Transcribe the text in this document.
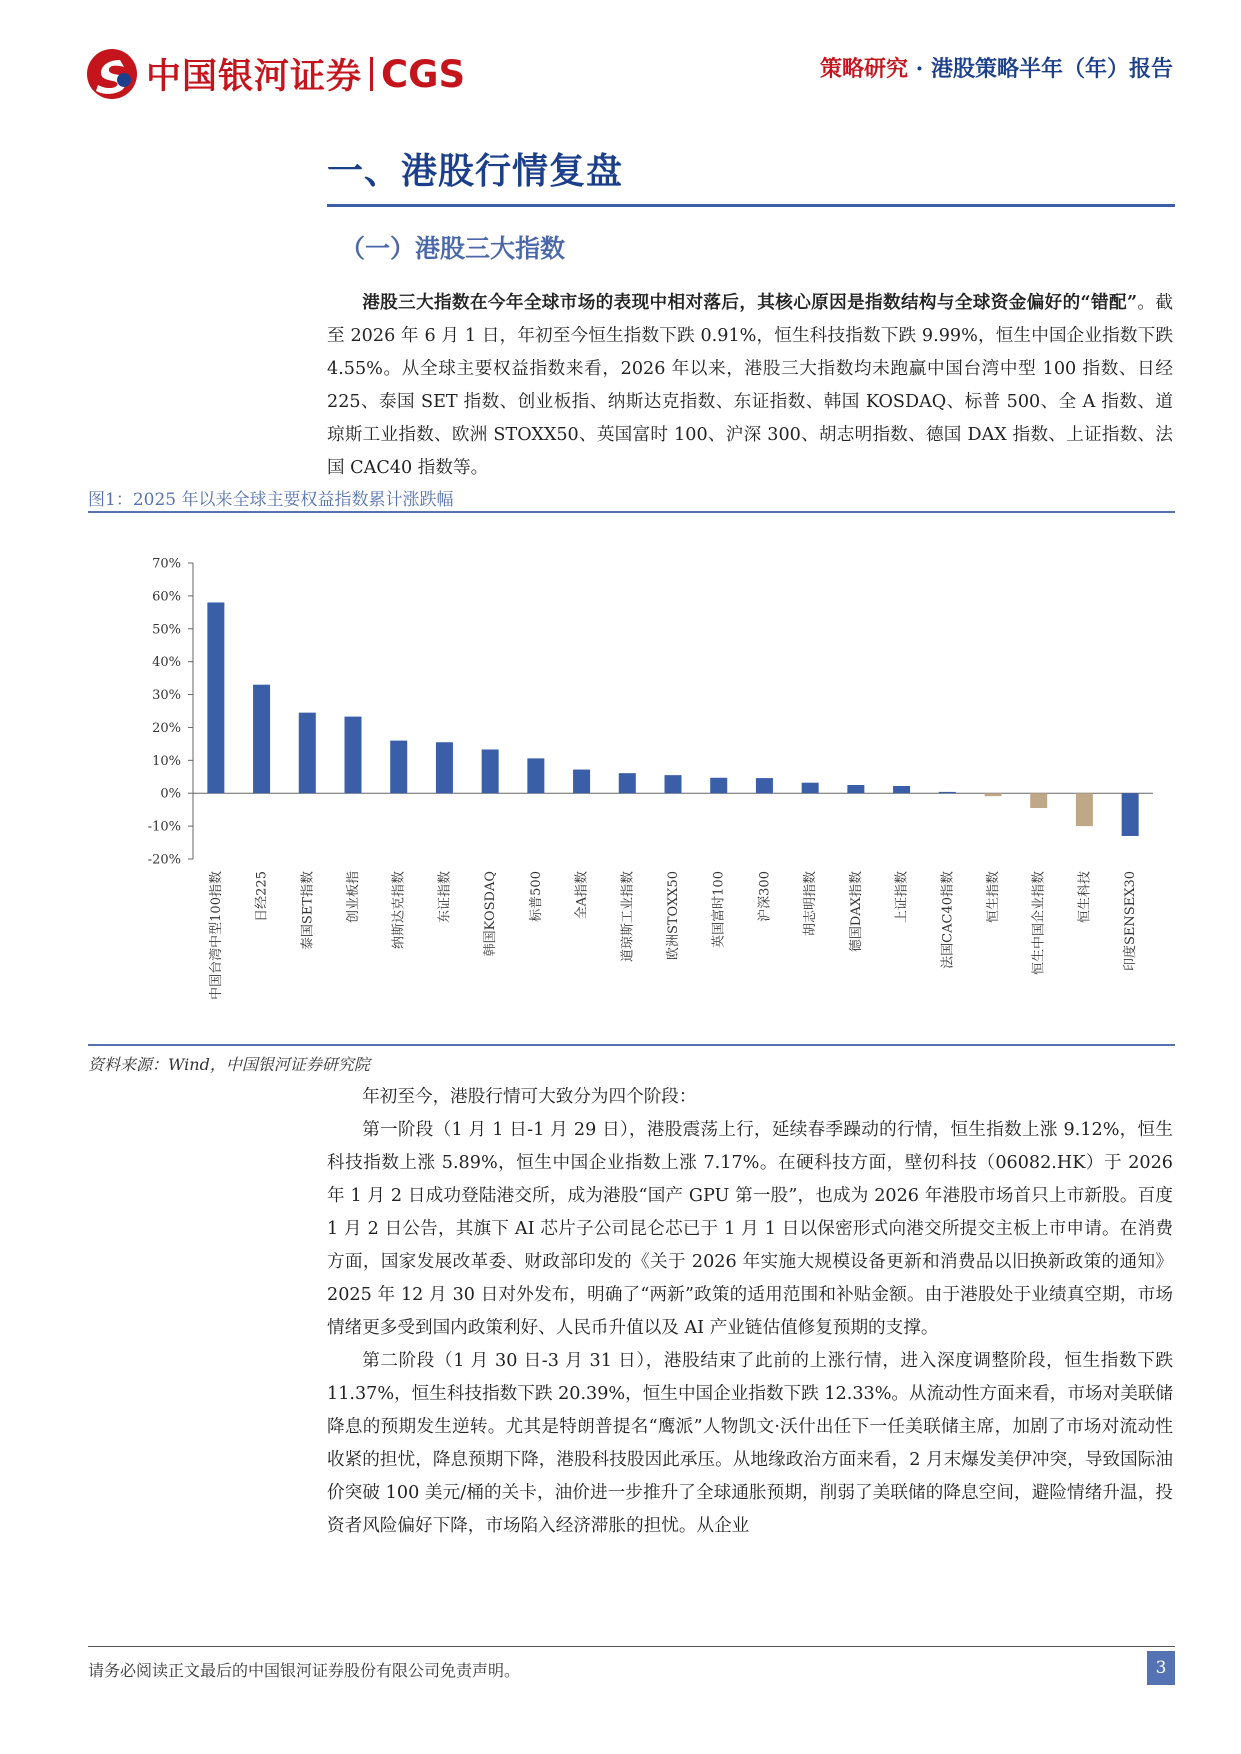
中国银河证券 CGS	策略研究 · 港股策略半年（年）报告
一、港股行情复盘
（一）港股三大指数

港股三大指数在今年全球市场的表现中相对落后，其核心原因是指数结构与全球资金偏好的“错配”。截至 2026 年 6 月 1 日，年初至今恒生指数下跌 0.91%，恒生科技指数下跌 9.99%，恒生中国企业指数下跌 4.55%。从全球主要权益指数来看，2026 年以来，港股三大指数均未跑赢中国台湾中型 100 指数、日经 225、泰国 SET 指数、创业板指、纳斯达克指数、东证指数、韩国 KOSDAQ、标普 500、全 A 指数、道琼斯工业指数、欧洲 STOXX50、英国富时 100、沪深 300、胡志明指数、德国 DAX 指数、上证指数、法国 CAC40 指数等。

图1：2025 年以来全球主要权益指数累计涨跌幅
-20%
-10%
0%
10%
20%
30%
40%
50%
60%
70%
中国台湾中型100指数 日经225 泰国SET指数 创业板指 纳斯达克指数 东证指数 韩国KOSDAQ 标普500 全A指数 道琼斯工业指数 欧洲STOXX50 英国富时100 沪深300 胡志明指数 德国DAX指数 上证指数 法国CAC40指数 恒生指数 恒生中国企业指数 恒生科技 印度SENSEX30
资料来源：Wind，中国银河证券研究院

年初至今，港股行情可大致分为四个阶段：

第一阶段（1 月 1 日-1 月 29 日），港股震荡上行，延续春季躁动的行情，恒生指数上涨 9.12%，恒生科技指数上涨 5.89%，恒生中国企业指数上涨 7.17%。在硬科技方面，壁仞科技（06082.HK）于 2026 年 1 月 2 日成功登陆港交所，成为港股“国产 GPU 第一股”，也成为 2026 年港股市场首只上市新股。百度 1 月 2 日公告，其旗下 AI 芯片子公司昆仑芯已于 1 月 1 日以保密形式向港交所提交主板上市申请。在消费方面，国家发展改革委、财政部印发的《关于 2026 年实施大规模设备更新和消费品以旧换新政策的通知》2025 年 12 月 30 日对外发布，明确了“两新”政策的适用范围和补贴金额。由于港股处于业绩真空期，市场情绪更多受到国内政策利好、人民币升值以及 AI 产业链估值修复预期的支撑。

第二阶段（1 月 30 日-3 月 31 日），港股结束了此前的上涨行情，进入深度调整阶段，恒生指数下跌 11.37%，恒生科技指数下跌 20.39%，恒生中国企业指数下跌 12.33%。从流动性方面来看，市场对美联储降息的预期发生逆转。尤其是特朗普提名“鹰派”人物凯文·沃什出任下一任美联储主席，加剧了市场对流动性收紧的担忧，降息预期下降，港股科技股因此承压。从地缘政治方面来看，2 月末爆发美伊冲突，导致国际油价突破 100 美元/桶的关卡，油价进一步推升了全球通胀预期，削弱了美联储的降息空间，避险情绪升温，投资者风险偏好下降，市场陷入经济滞胀的担忧。从企业

请务必阅读正文最后的中国银河证券股份有限公司免责声明。	3
